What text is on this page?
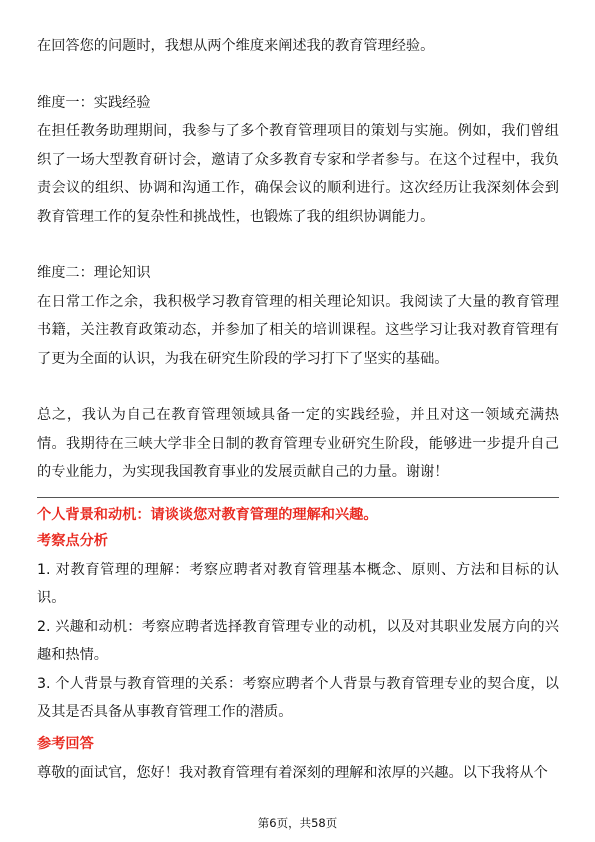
在回答您的问题时，我想从两个维度来阐述我的教育管理经验。

维度一：实践经验

在担任教务助理期间，我参与了多个教育管理项目的策划与实施。例如，我们曾组织了一场大型教育研讨会，邀请了众多教育专家和学者参与。在这个过程中，我负责会议的组织、协调和沟通工作，确保会议的顺利进行。这次经历让我深刻体会到教育管理工作的复杂性和挑战性，也锻炼了我的组织协调能力。

维度二：理论知识

在日常工作之余，我积极学习教育管理的相关理论知识。我阅读了大量的教育管理书籍，关注教育政策动态，并参加了相关的培训课程。这些学习让我对教育管理有了更为全面的认识，为我在研究生阶段的学习打下了坚实的基础。

总之，我认为自己在教育管理领域具备一定的实践经验，并且对这一领域充满热情。我期待在三峡大学非全日制的教育管理专业研究生阶段，能够进一步提升自己的专业能力，为实现我国教育事业的发展贡献自己的力量。谢谢！

个人背景和动机：请谈谈您对教育管理的理解和兴趣。

考察点分析

1. 对教育管理的理解：考察应聘者对教育管理基本概念、原则、方法和目标的认识。

2. 兴趣和动机：考察应聘者选择教育管理专业的动机，以及对其职业发展方向的兴趣和热情。

3. 个人背景与教育管理的关系：考察应聘者个人背景与教育管理专业的契合度，以及其是否具备从事教育管理工作的潜质。

参考回答

尊敬的面试官，您好！我对教育管理有着深刻的理解和浓厚的兴趣。以下我将从个

第6页，共58页
